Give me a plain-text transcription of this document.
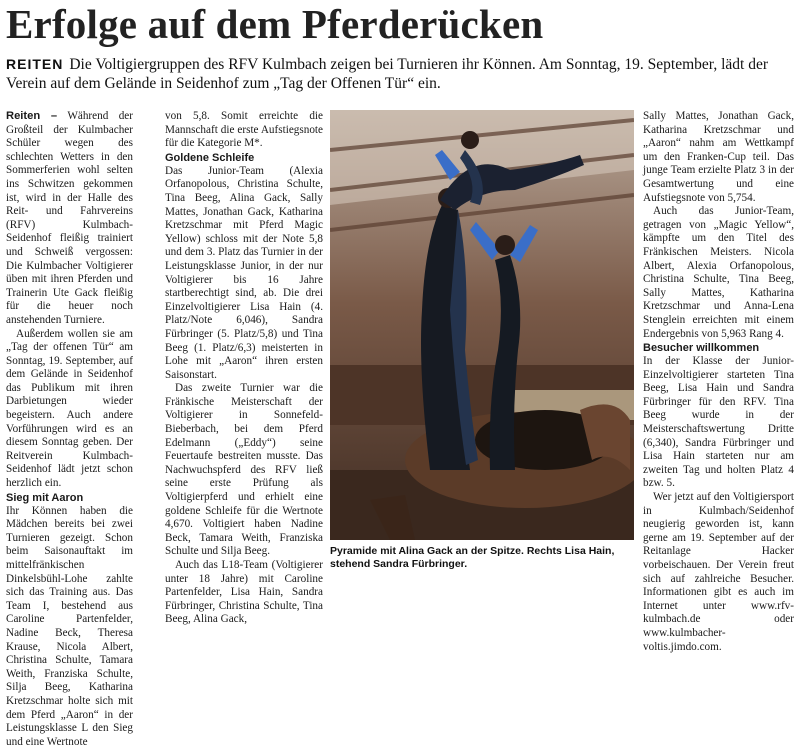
Erfolge auf dem Pferderücken
REITEN Die Voltigiergruppen des RFV Kulmbach zeigen bei Turnieren ihr Können. Am Sonntag, 19. September, lädt der Verein auf dem Gelände in Seidenhof zum „Tag der Offenen Tür“ ein.

Reiten – Während der Großteil der Kulmbacher Schüler wegen des schlechten Wetters in den Sommerferien wohl selten ins Schwitzen gekommen ist, wird in der Halle des Reit- und Fahrvereins (RFV) Kulmbach-Seidenhof fleißig trainiert und Schweiß vergossen: Die Kulmbacher Voltigierer üben mit ihren Pferden und Trainerin Ute Gack fleißig für die heuer noch anstehenden Turniere.

Außerdem wollen sie am „Tag der offenen Tür“ am Sonntag, 19. September, auf dem Gelände in Seidenhof das Publikum mit ihren Darbietungen wieder begeistern. Auch andere Vorführungen wird es an diesem Sonntag geben. Der Reitverein Kulmbach-Seidenhof lädt jetzt schon herzlich ein.

Sieg mit Aaron

Ihr Können haben die Mädchen bereits bei zwei Turnieren gezeigt. Schon beim Saisonauftakt im mittelfränkischen Dinkelsbühl-Lohe zahlte sich das Training aus. Das Team I, bestehend aus Caroline Partenfelder, Nadine Beck, Theresa Krause, Nicola Albert, Christina Schulte, Tamara Weith, Franziska Schulte, Silja Beeg, Katharina Kretzschmar holte sich mit dem Pferd „Aaron“ in der Leistungsklasse L den Sieg und eine Wertnote

von 5,8. Somit erreichte die Mannschaft die erste Aufstiegsnote für die Kategorie M*.

Goldene Schleife

Das Junior-Team (Alexia Orfanopolous, Christina Schulte, Tina Beeg, Alina Gack, Sally Mattes, Jonathan Gack, Katharina Kretzschmar mit Pferd Magic Yellow) schloss mit der Note 5,8 und dem 3. Platz das Turnier in der Leistungsklasse Junior, in der nur Voltigierer bis 16 Jahre startberechtigt sind, ab. Die drei Einzelvoltigierer Lisa Hain (4. Platz/Note 6,046), Sandra Fürbringer (5. Platz/5,8) und Tina Beeg (1. Platz/6,3) meisterten in Lohe mit „Aaron“ ihren ersten Saisonstart.

Das zweite Turnier war die Fränkische Meisterschaft der Voltigierer in Sonnefeld-Bieberbach, bei dem Pferd Edelmann („Eddy“) seine Feuertaufe bestreiten musste. Das Nachwuchspferd des RFV ließ seine erste Prüfung als Voltigierpferd und erhielt eine goldene Schleife für die Wertnote 4,670. Voltigiert haben Nadine Beck, Tamara Weith, Franziska Schulte und Silja Beeg.

Auch das L18-Team (Voltigierer unter 18 Jahre) mit Caroline Partenfelder, Lisa Hain, Sandra Fürbringer, Christina Schulte, Tina Beeg, Alina Gack,

Pyramide mit Alina Gack an der Spitze. Rechts Lisa Hain, stehend Sandra Fürbringer.

Sally Mattes, Jonathan Gack, Katharina Kretzschmar und „Aaron“ nahm am Wettkampf um den Franken-Cup teil. Das junge Team erzielte Platz 3 in der Gesamtwertung und eine Aufstiegsnote von 5,754.

Auch das Junior-Team, getragen von „Magic Yellow“, kämpfte um den Titel des Fränkischen Meisters. Nicola Albert, Alexia Orfanopolous, Christina Schulte, Tina Beeg, Sally Mattes, Katharina Kretzschmar und Anna-Lena Stenglein erreichten mit einem Endergebnis von 5,963 Rang 4.

Besucher willkommen

In der Klasse der Junior-Einzelvoltigierer starteten Tina Beeg, Lisa Hain und Sandra Fürbringer für den RFV. Tina Beeg wurde in der Meisterschaftswertung Dritte (6,340), Sandra Fürbringer und Lisa Hain starteten nur am zweiten Tag und holten Platz 4 bzw. 5.

Wer jetzt auf den Voltigiersport in Kulmbach/Seidenhof neugierig geworden ist, kann gerne am 19. September auf der Reitanlage Hacker vorbeischauen. Der Verein freut sich auf zahlreiche Besucher. Informationen gibt es auch im Internet unter www.rfv-kulmbach.de oder www.kulmbacher-voltis.jimdo.com.
